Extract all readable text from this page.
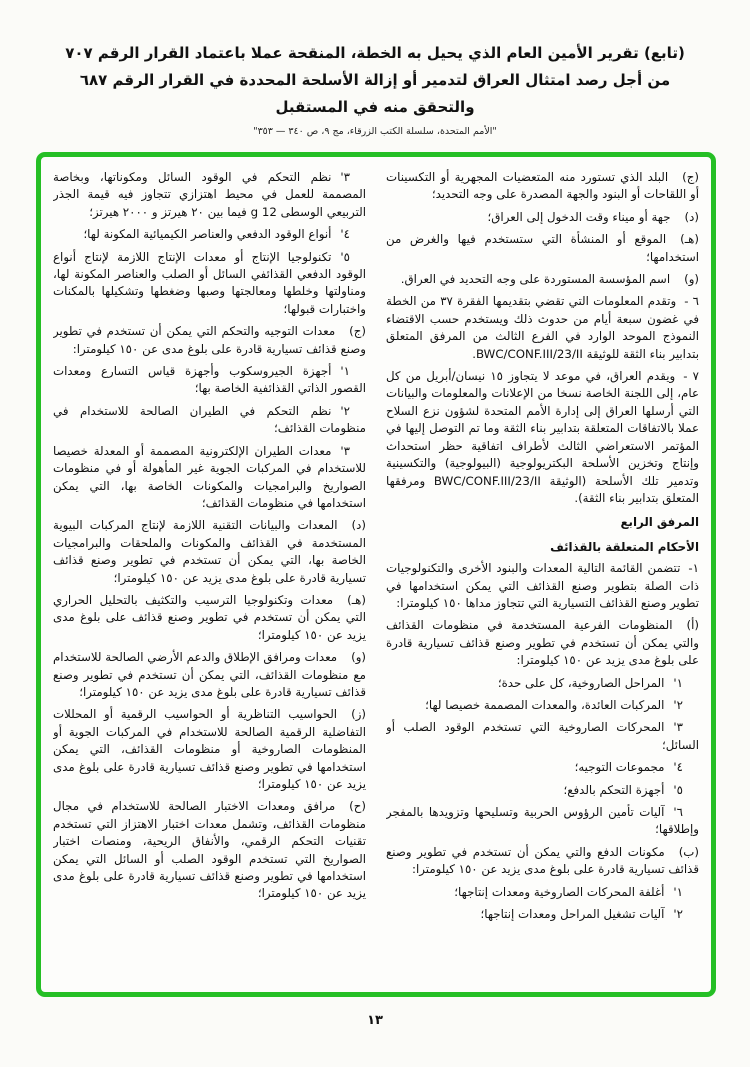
(تابع) تقرير الأمين العام الذي يحيل به الخطة، المنقحة عملا باعتماد القرار الرقم ٧٠٧
من أجل رصد امتثال العراق لتدمير أو إزالة الأسلحة المحددة في القرار الرقم ٦٨٧
والتحقق منه في المستقبل
"الأمم المتحدة، سلسلة الكتب الزرقاء، مج ٩، ص ٣٤٠ — ٣٥٣"
(ج)البلد الذي تستورد منه المتعضيات المجهرية أو التكسينات أو اللقاحات أو البنود والجهة المصدرة على وجه التحديد؛
(د)جهة أو ميناء وقت الدخول إلى العراق؛
(هـ)الموقع أو المنشأة التي ستستخدم فيها والغرض من استخدامها؛
(و)اسم المؤسسة المستوردة على وجه التحديد في العراق.
٦ -وتقدم المعلومات التي تقضي بتقديمها الفقرة ٣٧ من الخطة في غضون سبعة أيام من حدوث ذلك ويستخدم حسب الاقتضاء النموذج الموحد الوارد في الفرع الثالث من المرفق المتعلق بتدابير بناء الثقة للوثيقة BWC/CONF.III/23/II.
٧ -ويقدم العراق، في موعد لا يتجاوز ١٥ نيسان/أبريل من كل عام، إلى اللجنة الخاصة نسخا من الإعلانات والمعلومات والبيانات التي أرسلها العراق إلى إدارة الأمم المتحدة لشؤون نزع السلاح عملا بالاتفاقات المتعلقة بتدابير بناء الثقة وما تم التوصل إليها في المؤتمر الاستعراضي الثالث لأطراف اتفاقية حظر استحداث وإنتاج وتخزين الأسلحة البكتريولوجية (البيولوجية) والتكسينية وتدمير تلك الأسلحة (الوثيقة BWC/CONF.III/23/II ومرفقها المتعلق بتدابير بناء الثقة).
المرفق الرابع
الأحكام المتعلقة بالقذائف
١-تتضمن القائمة التالية المعدات والبنود الأخرى والتكنولوجيات ذات الصلة بتطوير وصنع القذائف التي يمكن استخدامها في تطوير وصنع القذائف التسيارية التي تتجاوز مداها ١٥٠ كيلومترا:
(أ)المنظومات الفرعية المستخدمة في منظومات القذائف والتي يمكن أن تستخدم في تطوير وصنع قذائف تسيارية قادرة على بلوغ مدى يزيد عن ١٥٠ كيلومترا:
١'المراحل الصاروخية، كل على حدة؛
٢'المركبات العائدة، والمعدات المصممة خصيصا لها؛
٣'المحركات الصاروخية التي تستخدم الوقود الصلب أو السائل؛
٤'مجموعات التوجيه؛
٥'أجهزة التحكم بالدفع؛
٦'آليات تأمين الرؤوس الحربية وتسليحها وتزويدها بالمفجر وإطلاقها؛
(ب)مكونات الدفع والتي يمكن أن تستخدم في تطوير وصنع قذائف تسيارية قادرة على بلوغ مدى يزيد عن ١٥٠ كيلومترا:
١'أغلفة المحركات الصاروخية ومعدات إنتاجها؛
٢'آليات تشغيل المراحل ومعدات إنتاجها؛
٣'نظم التحكم في الوقود السائل ومكوناتها، وبخاصة المصممة للعمل في محيط اهتزازي تتجاوز فيه قيمة الجذر التربيعي الوسطى 12 g فيما بين ٢٠ هيرتز و ٢٠٠٠ هيرتز؛
٤'أنواع الوقود الدفعي والعناصر الكيميائية المكونة لها؛
٥'تكنولوجيا الإنتاج أو معدات الإنتاج اللازمة لإنتاج أنواع الوقود الدفعي القذائفي السائل أو الصلب والعناصر المكونة لها، ومناولتها وخلطها ومعالجتها وصبها وضغطها وتشكيلها بالمكنات واختبارات قبولها؛
(ج)معدات التوجيه والتحكم التي يمكن أن تستخدم في تطوير وصنع قذائف تسيارية قادرة على بلوغ مدى عن ١٥٠ كيلومترا:
١'أجهزة الجيروسكوب وأجهزة قياس التسارع ومعدات القصور الذاتي القذائفية الخاصة بها؛
٢'نظم التحكم في الطيران الصالحة للاستخدام في منظومات القذائف؛
٣'معدات الطيران الإلكترونية المصممة أو المعدلة خصيصا للاستخدام في المركبات الجوية غير المأهولة أو في منظومات الصواريخ والبرامجيات والمكونات الخاصة بها، التي يمكن استخدامها في منظومات القذائف؛
(د)المعدات والبيانات التقنية اللازمة لإنتاج المركبات البيوية المستخدمة في القذائف والمكونات والملحقات والبرامجيات الخاصة بها، التي يمكن أن تستخدم في تطوير وصنع قذائف تسيارية قادرة على بلوغ مدى يزيد عن ١٥٠ كيلومترا؛
(هـ)معدات وتكنولوجيا الترسيب والتكثيف بالتحليل الحراري التي يمكن أن تستخدم في تطوير وصنع قذائف على بلوغ مدى يزيد عن ١٥٠ كيلومترا؛
(و)معدات ومرافق الإطلاق والدعم الأرضي الصالحة للاستخدام مع منظومات القذائف، التي يمكن أن تستخدم في تطوير وصنع قذائف تسيارية قادرة على بلوغ مدى يزيد عن ١٥٠ كيلومترا؛
(ز)الحواسيب التناظرية أو الحواسيب الرقمية أو المحللات التفاضلية الرقمية الصالحة للاستخدام في المركبات الجوية أو المنظومات الصاروخية أو منظومات القذائف، التي يمكن استخدامها في تطوير وصنع قذائف تسيارية قادرة على بلوغ مدى يزيد عن ١٥٠ كيلومترا؛
(ح)مرافق ومعدات الاختبار الصالحة للاستخدام في مجال منظومات القذائف، وتشمل معدات اختبار الاهتزاز التي تستخدم تقنيات التحكم الرقمي، والأنفاق الريحية، ومنصات اختبار الصواريخ التي تستخدم الوقود الصلب أو السائل التي يمكن استخدامها في تطوير وصنع قذائف تسيارية قادرة على بلوغ مدى يزيد عن ١٥٠ كيلومترا؛
١٣
